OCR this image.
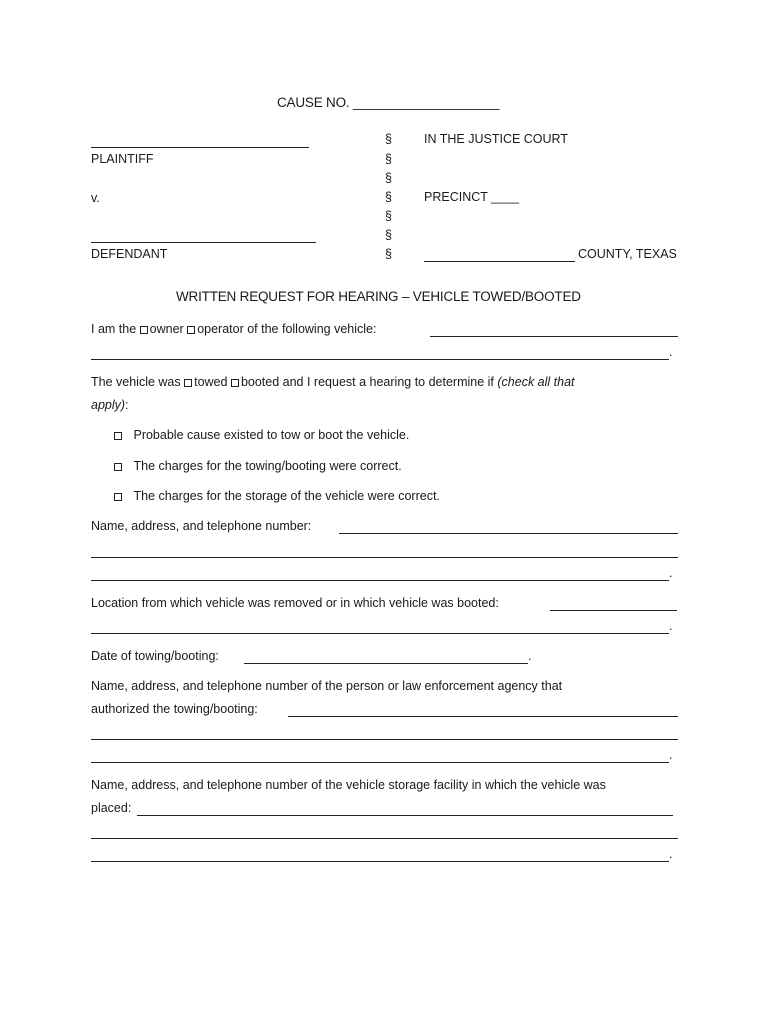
CAUSE NO. ____________________
PLAINTIFF
v.
DEFENDANT
§
§
§
§
§
§
§
IN THE JUSTICE COURT
PRECINCT ____
COUNTY, TEXAS
WRITTEN REQUEST FOR HEARING – VEHICLE TOWED/BOOTED
I am the owner operator of the following vehicle:
.
The vehicle was towed booted and I request a hearing to determine if (check all that
apply):
Probable cause existed to tow or boot the vehicle.
The charges for the towing/booting were correct.
The charges for the storage of the vehicle were correct.
Name, address, and telephone number:
.
Location from which vehicle was removed or in which vehicle was booted:
.
Date of towing/booting:	.
Name, address, and telephone number of the person or law enforcement agency that
authorized the towing/booting:
.
Name, address, and telephone number of the vehicle storage facility in which the vehicle was
placed:
.
